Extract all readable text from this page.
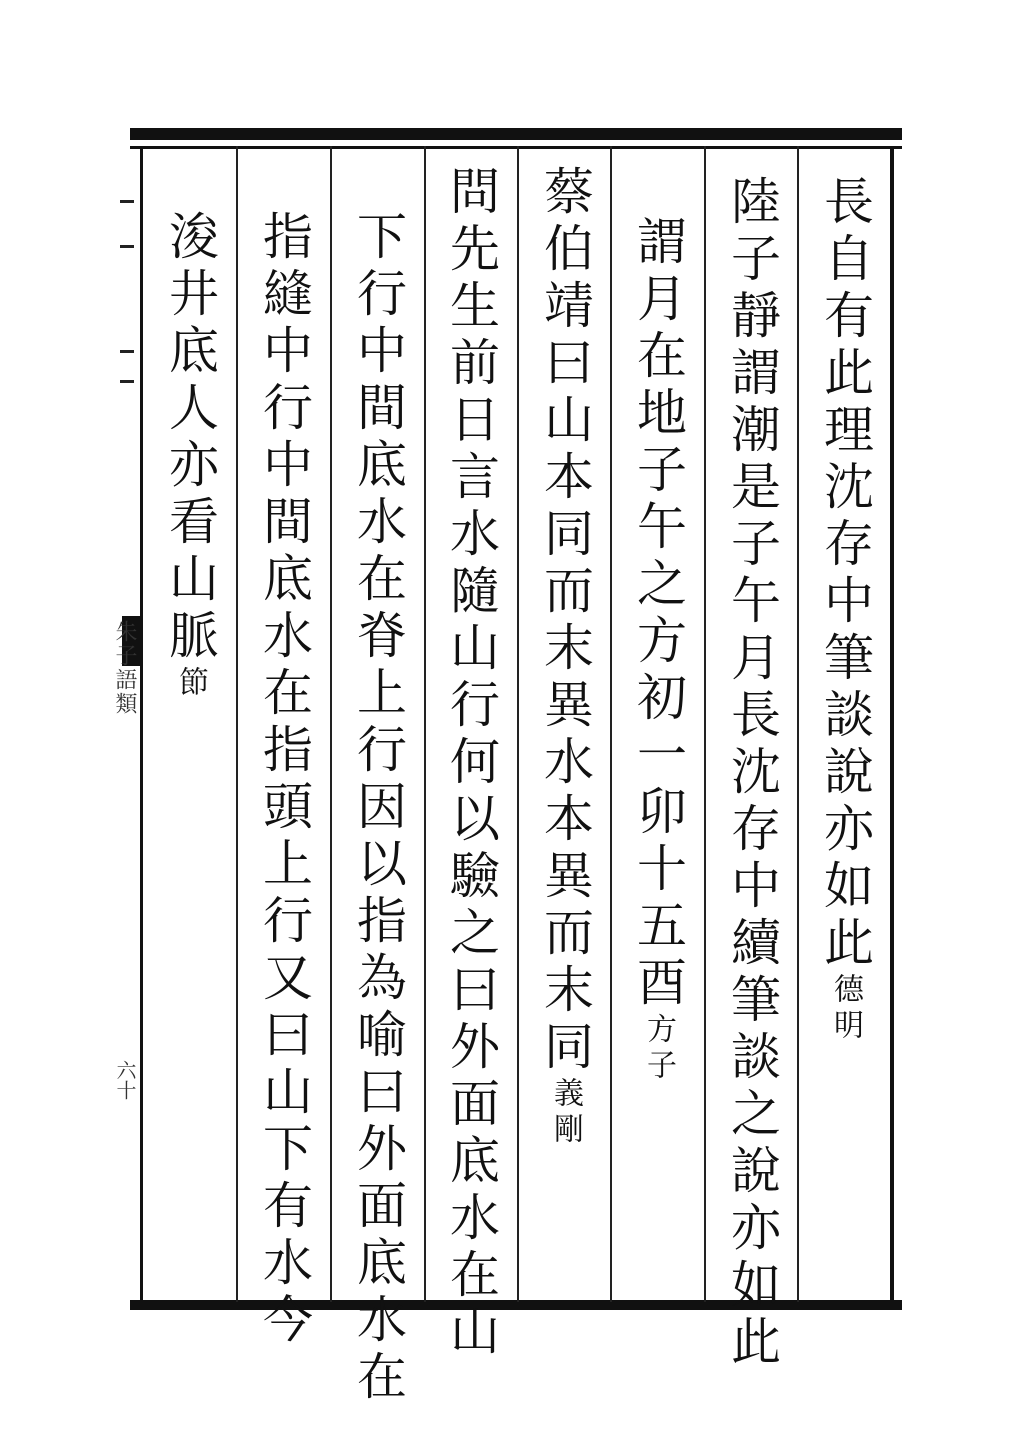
朱子語類
六十
長自有此理沈存中筆談說亦如此德明
陸子靜謂潮是子午月長沈存中續筆談之說亦如此
謂月在地子午之方初一卯十五酉方子
蔡伯靖曰山本同而末異水本異而末同義剛
問先生前日言水隨山行何以驗之曰外面底水在山
下行中間底水在脊上行因以指為喻曰外面底水在
指縫中行中間底水在指頭上行又曰山下有水今
浚井底人亦看山脈節
